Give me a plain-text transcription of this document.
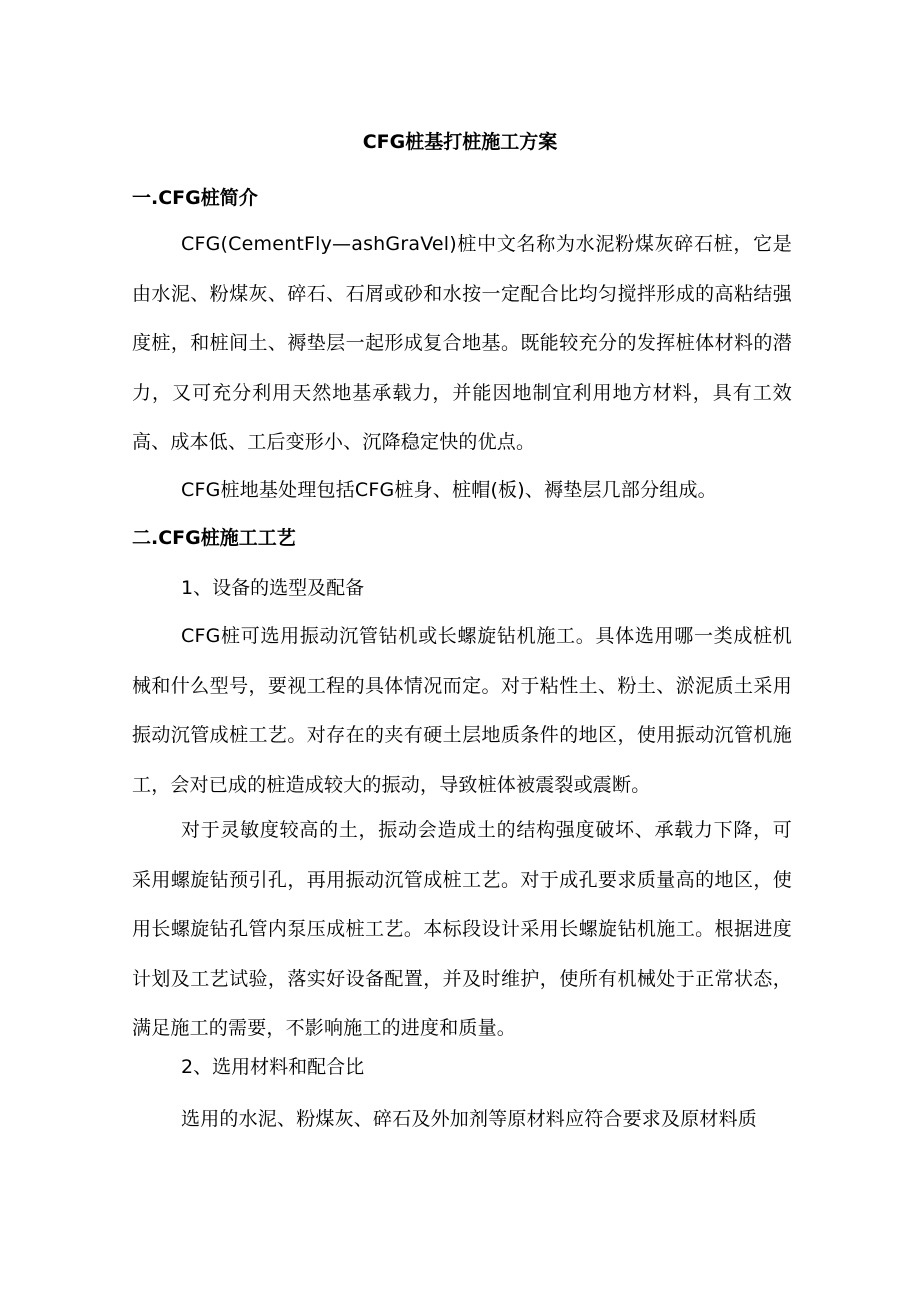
CFG桩基打桩施工方案
一.CFG桩简介

CFG(CementFly—ashGraVel)桩中文名称为水泥粉煤灰碎石桩，它是由水泥、粉煤灰、碎石、石屑或砂和水按一定配合比均匀搅拌形成的高粘结强度桩，和桩间土、褥垫层一起形成复合地基。既能较充分的发挥桩体材料的潜力，又可充分利用天然地基承载力，并能因地制宜利用地方材料，具有工效高、成本低、工后变形小、沉降稳定快的优点。

CFG桩地基处理包括CFG桩身、桩帽(板)、褥垫层几部分组成。

二.CFG桩施工工艺

1、设备的选型及配备

CFG桩可选用振动沉管钻机或长螺旋钻机施工。具体选用哪一类成桩机械和什么型号，要视工程的具体情况而定。对于粘性土、粉土、淤泥质土采用振动沉管成桩工艺。对存在的夹有硬土层地质条件的地区，使用振动沉管机施工，会对已成的桩造成较大的振动，导致桩体被震裂或震断。

对于灵敏度较高的土，振动会造成土的结构强度破坏、承载力下降，可采用螺旋钻预引孔，再用振动沉管成桩工艺。对于成孔要求质量高的地区，使用长螺旋钻孔管内泵压成桩工艺。本标段设计采用长螺旋钻机施工。根据进度计划及工艺试验，落实好设备配置，并及时维护，使所有机械处于正常状态，满足施工的需要，不影响施工的进度和质量。

2、选用材料和配合比

选用的水泥、粉煤灰、碎石及外加剂等原材料应符合要求及原材料质
